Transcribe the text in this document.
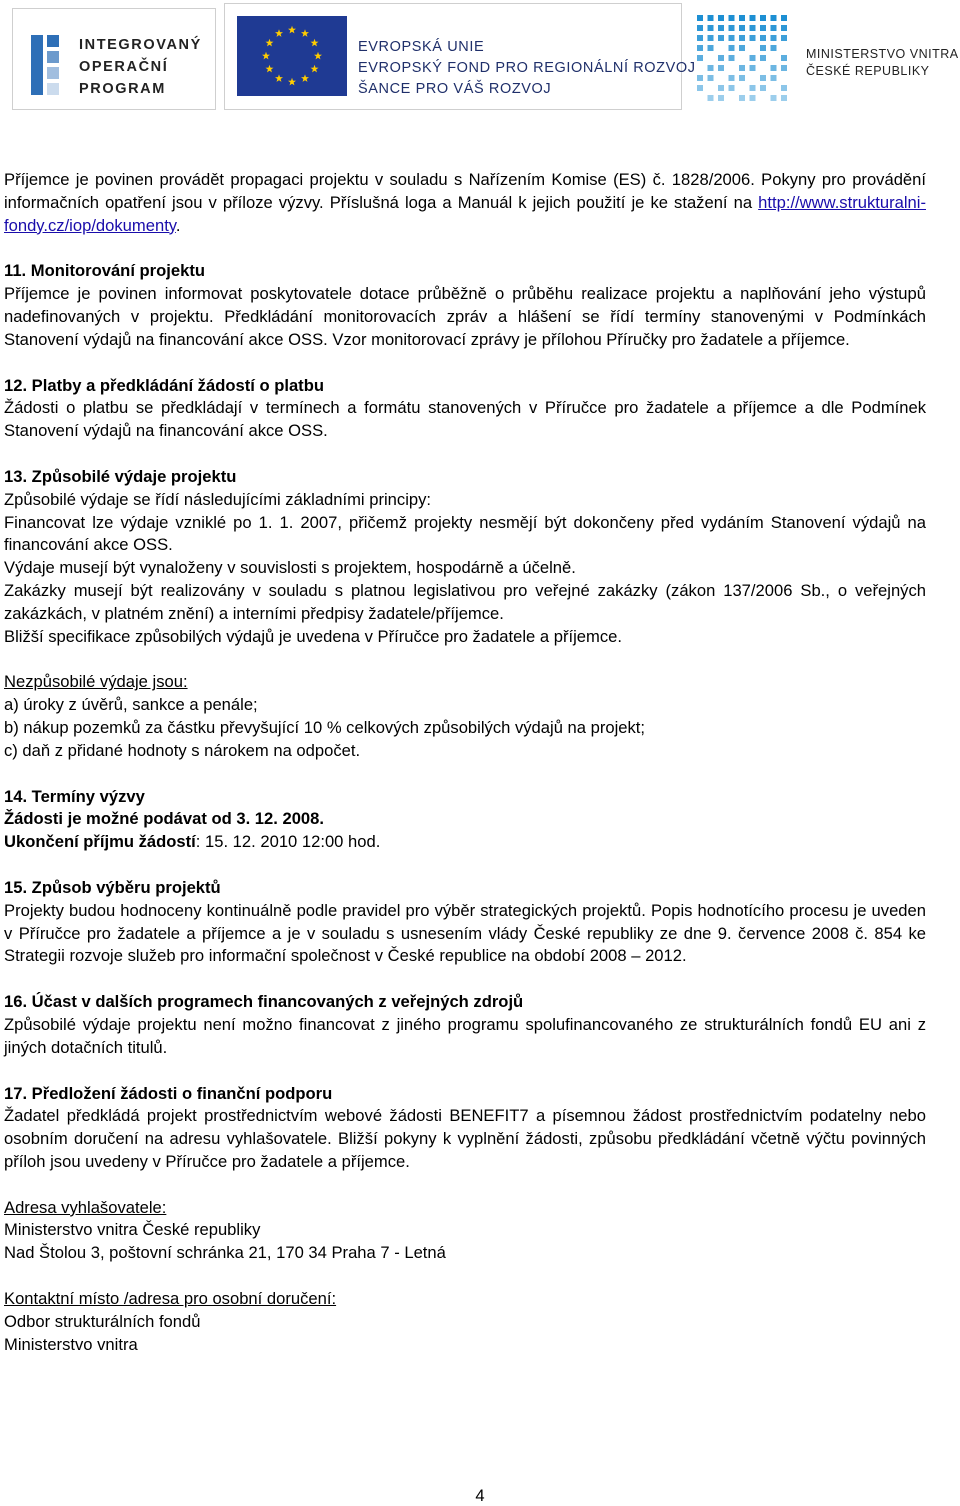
INTEGROVANÝ
OPERAČNÍ
PROGRAM
EVROPSKÁ UNIE
EVROPSKÝ FOND PRO REGIONÁLNÍ ROZVOJ
ŠANCE PRO VÁŠ ROZVOJ
MINISTERSTVO VNITRA
ČESKÉ REPUBLIKY

Příjemce je povinen provádět propagaci projektu v souladu s Nařízením Komise (ES) č. 1828/2006. Pokyny pro provádění informačních opatření jsou v příloze výzvy. Příslušná loga a Manuál k jejich použití je ke stažení na http://www.strukturalni-fondy.cz/iop/dokumenty.

11. Monitorování projektu

Příjemce je povinen informovat poskytovatele dotace průběžně o průběhu realizace projektu a naplňování jeho výstupů nadefinovaných v projektu. Předkládání monitorovacích zpráv a hlášení se řídí termíny stanovenými v Podmínkách Stanovení výdajů na financování akce OSS. Vzor monitorovací zprávy je přílohou Příručky pro žadatele a příjemce.

12. Platby a předkládání žádostí o platbu

Žádosti o platbu se předkládají v termínech a formátu stanovených v Příručce pro žadatele a příjemce a dle Podmínek Stanovení výdajů na financování akce OSS.

13. Způsobilé výdaje projektu

Způsobilé výdaje se řídí následujícími základními principy:

Financovat lze výdaje vzniklé po 1. 1. 2007, přičemž projekty nesmějí být dokončeny před vydáním Stanovení výdajů na financování akce OSS.

Výdaje musejí být vynaloženy v souvislosti s projektem, hospodárně a účelně.

Zakázky musejí být realizovány v souladu s platnou legislativou pro veřejné zakázky (zákon 137/2006 Sb., o veřejných zakázkách, v platném znění) a interními předpisy žadatele/příjemce.

Bližší specifikace způsobilých výdajů je uvedena v Příručce pro žadatele a příjemce.

Nezpůsobilé výdaje jsou:

a) úroky z úvěrů, sankce a penále;

b) nákup pozemků za částku převyšující 10 % celkových způsobilých výdajů na projekt;

c) daň z přidané hodnoty s nárokem na odpočet.

14. Termíny výzvy

Žádosti je možné podávat od 3. 12. 2008.

Ukončení příjmu žádostí: 15. 12. 2010 12:00 hod.

15. Způsob výběru projektů

Projekty budou hodnoceny kontinuálně podle pravidel pro výběr strategických projektů. Popis hodnotícího procesu je uveden v Příručce pro žadatele a příjemce a je v souladu s usnesením vlády České republiky ze dne 9. července 2008 č. 854 ke Strategii rozvoje služeb pro informační společnost v České republice na období 2008 – 2012.

16. Účast v dalších programech financovaných z veřejných zdrojů

Způsobilé výdaje projektu není možno financovat z jiného programu spolufinancovaného ze strukturálních fondů EU ani z jiných dotačních titulů.

17. Předložení žádosti o finanční podporu

Žadatel předkládá projekt prostřednictvím webové žádosti BENEFIT7 a písemnou žádost prostřednictvím podatelny nebo osobním doručení na adresu vyhlašovatele. Bližší pokyny k vyplnění žádosti, způsobu předkládání včetně výčtu povinných příloh jsou uvedeny v Příručce pro žadatele a příjemce.

Adresa vyhlašovatele:

Ministerstvo vnitra České republiky

Nad Štolou 3, poštovní schránka 21, 170 34 Praha 7 - Letná

Kontaktní místo /adresa pro osobní doručení:

Odbor strukturálních fondů

Ministerstvo vnitra

4
